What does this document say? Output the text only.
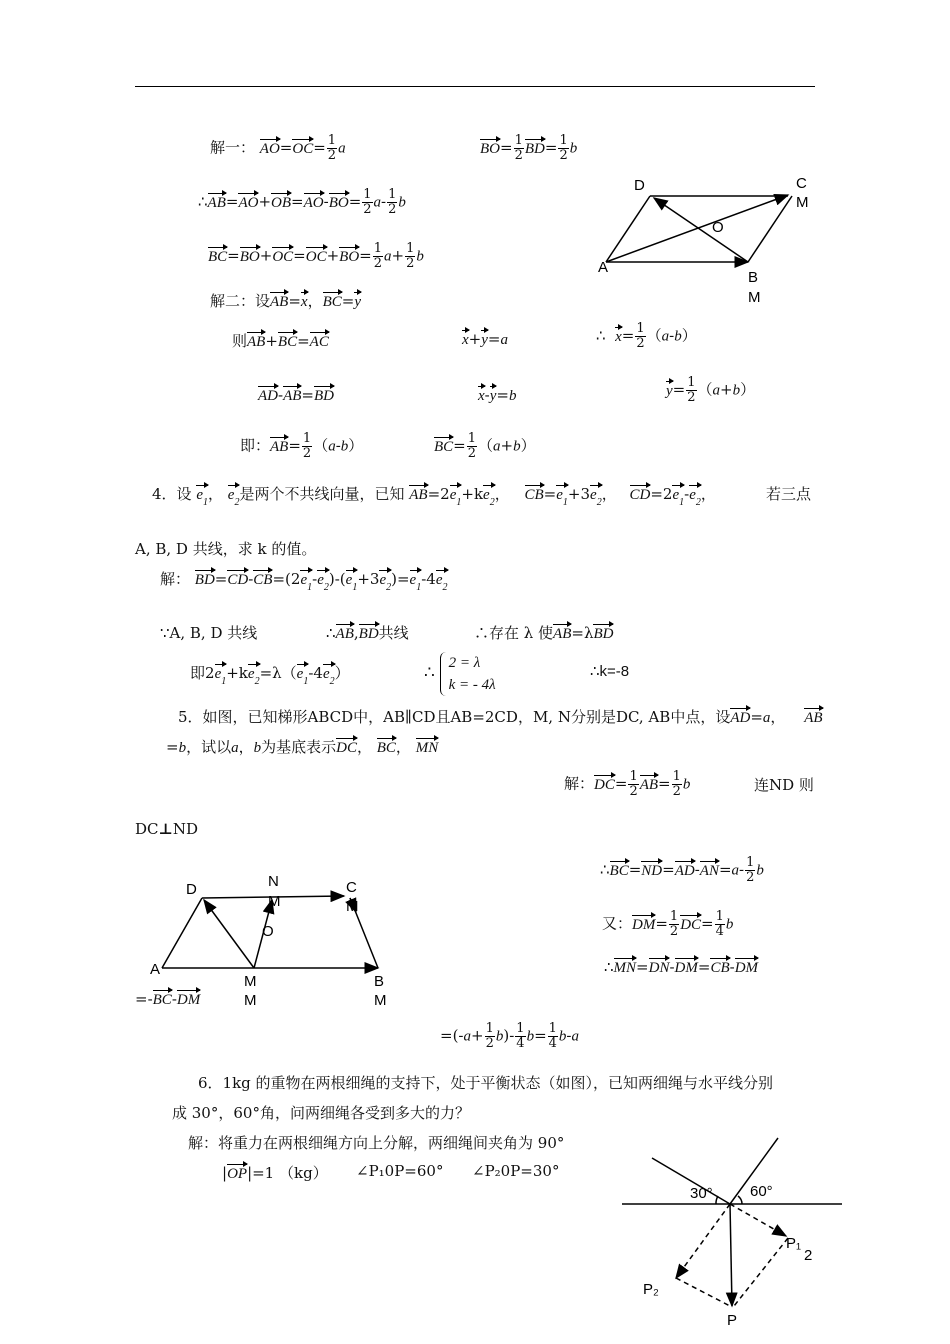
解一： $AO=OC= \frac{1}{2}$ a	$BO= \frac{1}{2} BD= \frac{1}{2}$ b
∴AB=AO+OB=AO-BO= $\frac{1}{2} a- \frac{1}{2}$ b
$BC=BO+OC=OC+BO= \frac{1}{2} a+ \frac{1}{2}$ b
解二：设AB=x，BC=y
则AB+BC=AC	x+y=a	∴ $x= \frac{1}{2} (a-b)$
AD-AB=BD	x-y=b	$y= \frac{1}{2} (a+b)$
即：$AB= \frac{1}{2} (a-b)$	$BC= \frac{1}{2} (a+b)$
4．设 $e_1$， $e_2$是两个不共线向量，已知 $AB=2e_1+ke_2$， $CB=e_1+3e_2$， $CD=2e_1-e_2$，	若三点
A, B, D 共线，求 k 的值。
解： $BD=CD-CB=(2e_1-e_2)-(e_1+3e_2)=e_1-4e_2$
∵A, B, D 共线	∴AB,BD共线	∴存在 λ 使AB=λBD
即$2e_1+ke_2=\lambda(e_1-4e_2)$	∴ 2 = λ
k = - 4λ
∴k=-8
5．如图，已知梯形ABCD中，AB∥CD且AB=2CD，M, N分别是DC, AB中点，设AD=a， AB
=b，试以a，b为基底表示DC， BC， MN
解：$DC= \frac{1}{2} AB= \frac{1}{2}$ b	连ND 则
DC⊥ND
∴BC=ND=AD-AN=a- $\frac{1}{2}$ b
又：$DM= \frac{1}{2} DC= \frac{1}{4}$ b
∴MN=DN-DM=CB-DM
=-BC-DM
$=(-a+ \frac{1}{2} b)- \frac{1}{4} b= \frac{1}{4} b-a$
6．1kg 的重物在两根细绳的支持下，处于平衡状态（如图），已知两细绳与水平线分别
成 30°，60°角，问两细绳各受到多大的力？
解：将重力在两根细绳方向上分解，两细绳间夹角为 90°
|OP|=1 （kg） ∠P₁0P=60° ∠P₂0P=30°
D	C
M
O
A
B
M
D	N
M
C
M
O
A
M
M
B
M
30° 60°
P₁
2
P₂
P
